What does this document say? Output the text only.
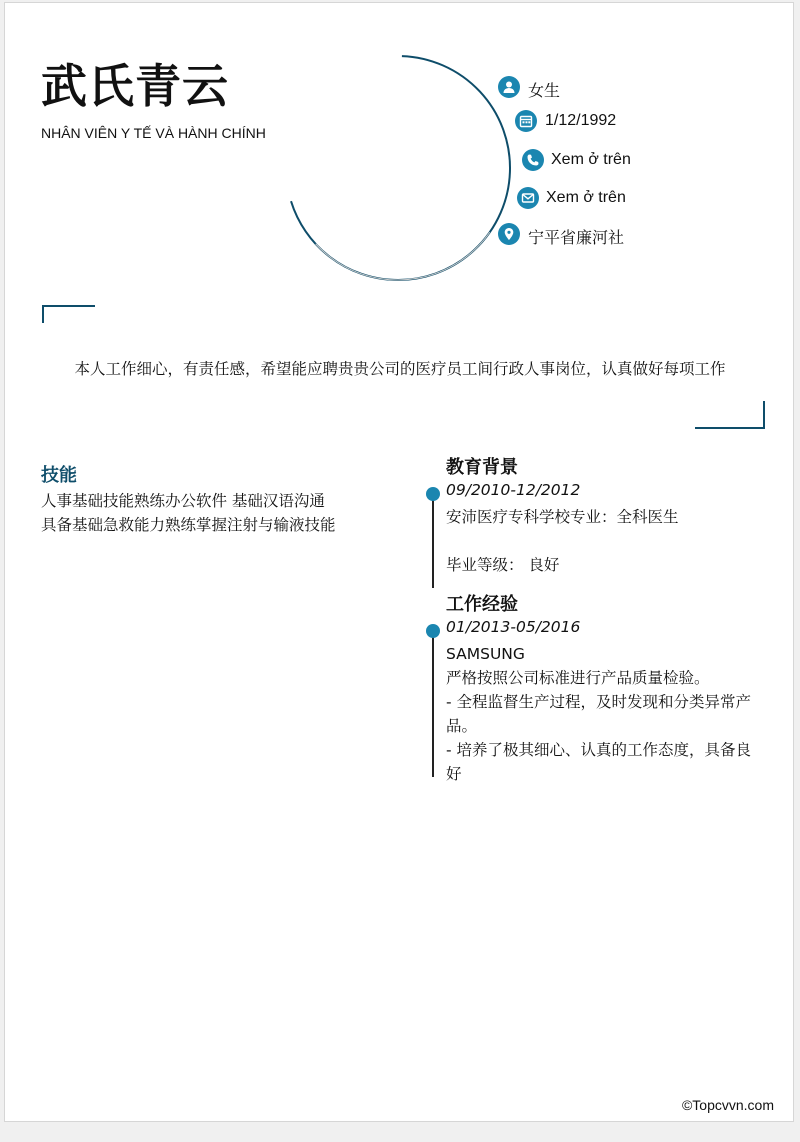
武氏青云
NHÂN VIÊN Y TẾ VÀ HÀNH CHÍNH
女生
1/12/1992
Xem ở trên
Xem ở trên
宁平省廉河社
本人工作细心，有责任感，希望能应聘贵贵公司的医疗员工间行政人事岗位，认真做好每项工作
技能
人事基础技能熟练办公软件 基础汉语沟通
具备基础急救能力熟练掌握注射与输液技能
教育背景
09/2010-12/2012
安沛医疗专科学校专业：全科医生
毕业等级： 良好
工作经验
01/2013-05/2016
SAMSUNG
严格按照公司标准进行产品质量检验。
- 全程监督生产过程，及时发现和分类异常产品。
- 培养了极其细心、认真的工作态度，具备良好
©Topcvvn.com
